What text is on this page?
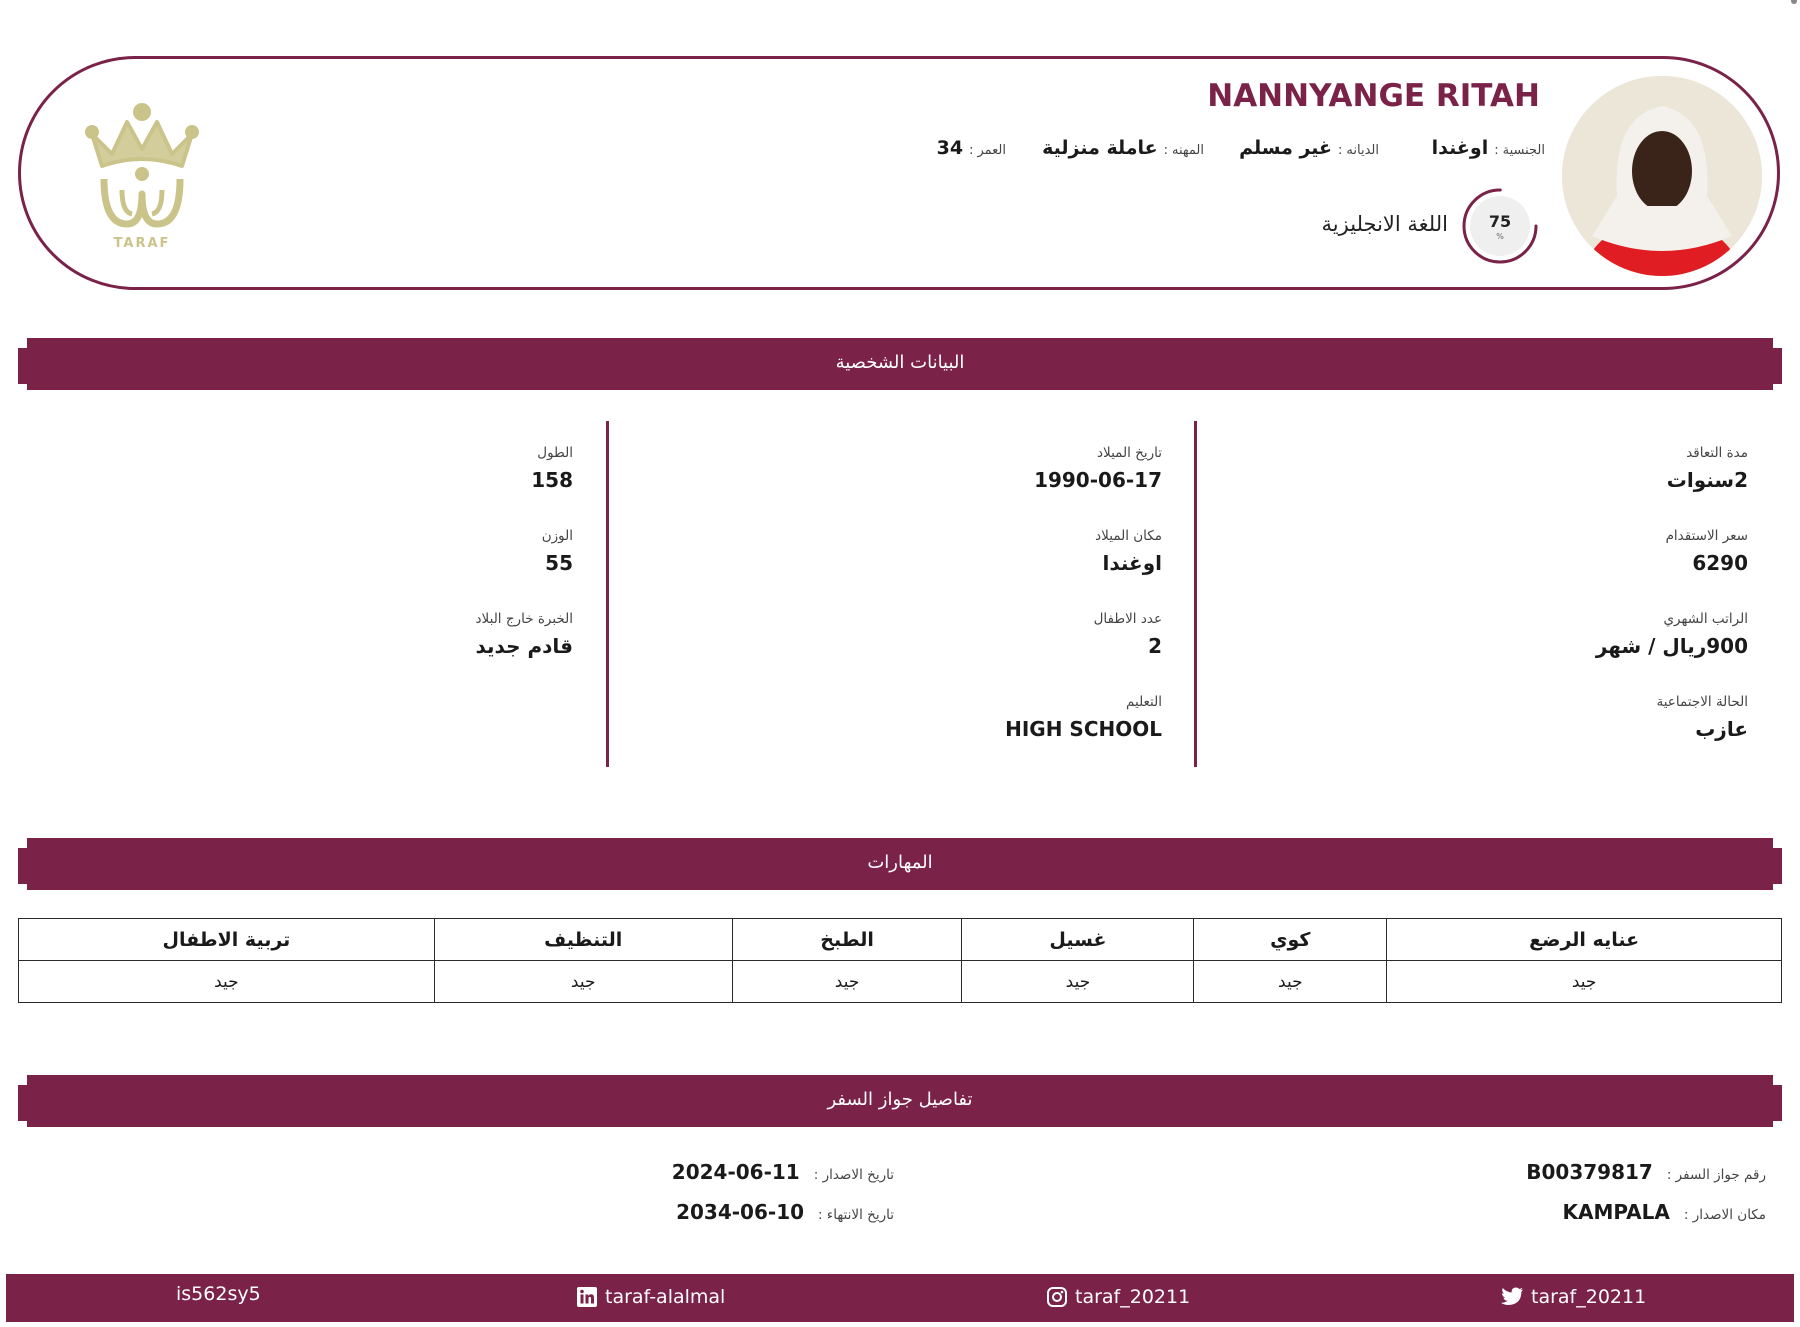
TARAF
NANNYANGE RITAH
الجنسية
:
اوغندا
الديانه
:
غير مسلم
المهنه
:
عاملة منزلية
العمر
:
34
75
%
اللغة الانجليزية
البيانات الشخصية
مدة التعاقد
2سنوات
سعر الاستقدام
6290
الراتب الشهري
900ريال / شهر
الحالة الاجتماعية
عازب
تاريخ الميلاد
1990-06-17
مكان الميلاد
اوغندا
عدد الاطفال
2
التعليم
HIGH SCHOOL
الطول
158
الوزن
55
الخبرة خارج البلاد
قادم جديد
المهارات
عنايه الرضع	كوي	غسيل	الطبخ	التنظيف	تربية الاطفال
جيد	جيد	جيد	جيد	جيد	جيد
تفاصيل جواز السفر
رقم جواز السفر :
B00379817
مكان الاصدار :
KAMPALA
تاريخ الاصدار :
2024-06-11
تاريخ الانتهاء :
2034-06-10
is562sy5	taraf-alalmal	taraf_20211	taraf_20211
